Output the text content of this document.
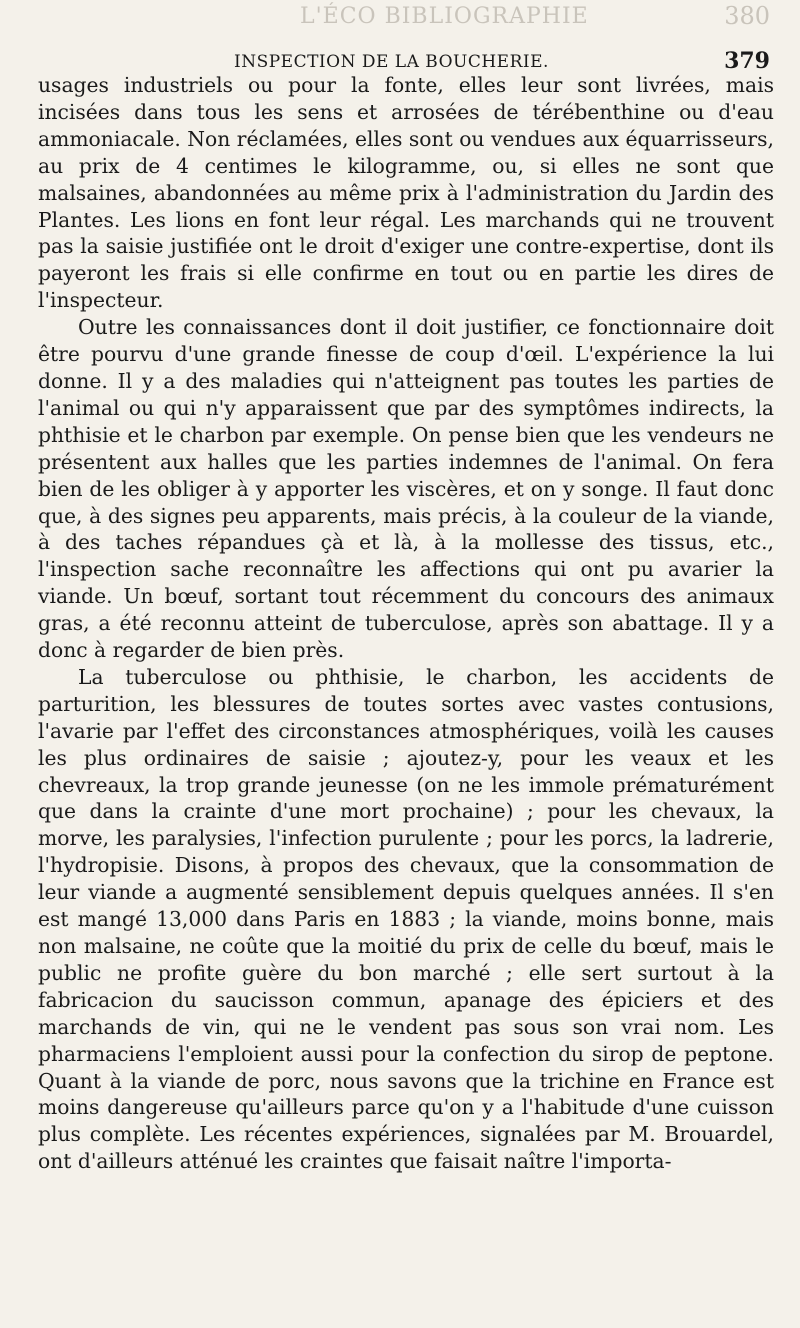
L'ÉCO BIBLIOGRAPHIE	380
INSPECTION DE LA BOUCHERIE.	379

usages industriels ou pour la fonte, elles leur sont livrées, mais incisées dans tous les sens et arrosées de térébenthine ou d'eau ammoniacale. Non réclamées, elles sont ou vendues aux équarrisseurs, au prix de 4 centimes le kilogramme, ou, si elles ne sont que malsaines, abandonnées au même prix à l'administration du Jardin des Plantes. Les lions en font leur régal. Les marchands qui ne trouvent pas la saisie justifiée ont le droit d'exiger une contre-expertise, dont ils payeront les frais si elle confirme en tout ou en partie les dires de l'inspecteur.

Outre les connaissances dont il doit justifier, ce fonctionnaire doit être pourvu d'une grande finesse de coup d'œil. L'expérience la lui donne. Il y a des maladies qui n'atteignent pas toutes les parties de l'animal ou qui n'y apparaissent que par des symptômes indirects, la phthisie et le charbon par exemple. On pense bien que les vendeurs ne présentent aux halles que les parties indemnes de l'animal. On fera bien de les obliger à y apporter les viscères, et on y songe. Il faut donc que, à des signes peu apparents, mais précis, à la couleur de la viande, à des taches répandues çà et là, à la mollesse des tissus, etc., l'inspection sache reconnaître les affections qui ont pu avarier la viande. Un bœuf, sortant tout récemment du concours des animaux gras, a été reconnu atteint de tuberculose, après son abattage. Il y a donc à regarder de bien près.

La tuberculose ou phthisie, le charbon, les accidents de parturition, les blessures de toutes sortes avec vastes contusions, l'avarie par l'effet des circonstances atmosphériques, voilà les causes les plus ordinaires de saisie ; ajoutez-y, pour les veaux et les chevreaux, la trop grande jeunesse (on ne les immole prématurément que dans la crainte d'une mort prochaine) ; pour les chevaux, la morve, les paralysies, l'infection purulente ; pour les porcs, la ladrerie, l'hydropisie. Disons, à propos des chevaux, que la consommation de leur viande a augmenté sensiblement depuis quelques années. Il s'en est mangé 13,000 dans Paris en 1883 ; la viande, moins bonne, mais non malsaine, ne coûte que la moitié du prix de celle du bœuf, mais le public ne profite guère du bon marché ; elle sert surtout à la fabricacion du saucisson commun, apanage des épiciers et des marchands de vin, qui ne le vendent pas sous son vrai nom. Les pharmaciens l'emploient aussi pour la confection du sirop de peptone. Quant à la viande de porc, nous savons que la trichine en France est moins dangereuse qu'ailleurs parce qu'on y a l'habitude d'une cuisson plus complète. Les récentes expériences, signalées par M. Brouardel, ont d'ailleurs atténué les craintes que faisait naître l'importa-
